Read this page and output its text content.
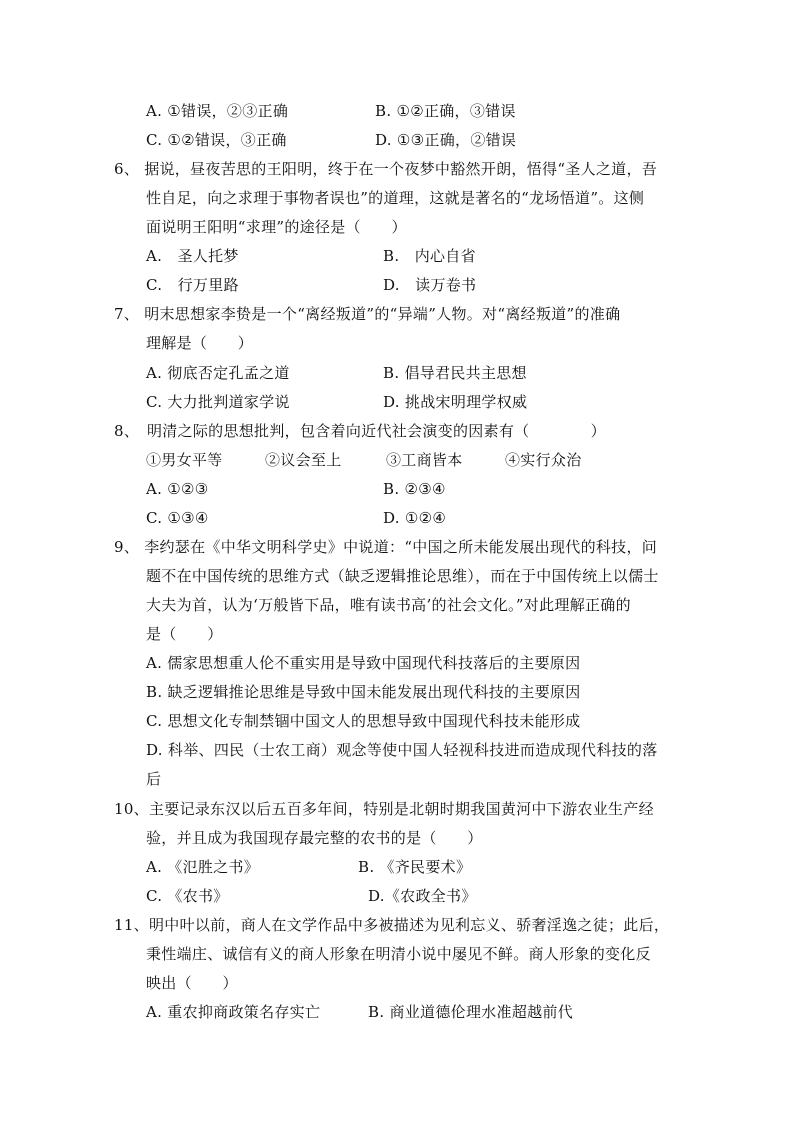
A. ①错误，②③正确	B. ①②正确，③错误
C. ①②错误，③正确	D. ①③正确，②错误
6、 据说，昼夜苦思的王阳明，终于在一个夜梦中豁然开朗，悟得“圣人之道，吾
性自足，向之求理于事物者误也”的道理，这就是著名的“龙场悟道”。这侧
面说明王阳明“求理”的途径是（　　）
A.　圣人托梦	B.　内心自省
C.　行万里路	D.　读万卷书
7、 明末思想家李贽是一个“离经叛道”的“异端”人物。对“离经叛道”的准确
理解是（　　）
A. 彻底否定孔孟之道	B. 倡导君民共主思想
C. 大力批判道家学说	D. 挑战宋明理学权威
8、　明清之际的思想批判，包含着向近代社会演变的因素有（　　　　）
①男女平等	②议会至上	③工商皆本	④实行众治
A. ①②③	B. ②③④
C. ①③④	D. ①②④
9、 李约瑟在《中华文明科学史》中说道：“中国之所未能发展出现代的科技，问
题不在中国传统的思维方式（缺乏逻辑推论思维），而在于中国传统上以儒士
大夫为首，认为‘万般皆下品，唯有读书高’的社会文化。”对此理解正确的
是（　　）
A. 儒家思想重人伦不重实用是导致中国现代科技落后的主要原因
B. 缺乏逻辑推论思维是导致中国未能发展出现代科技的主要原因
C. 思想文化专制禁锢中国文人的思想导致中国现代科技未能形成
D. 科举、四民（士农工商）观念等使中国人轻视科技进而造成现代科技的落
后
10、主要记录东汉以后五百多年间，特别是北朝时期我国黄河中下游农业生产经
验，并且成为我国现存最完整的农书的是（　　）
A. 《氾胜之书》	B. 《齐民要术》
C. 《农书》	D.《农政全书》
11、明中叶以前，商人在文学作品中多被描述为见利忘义、骄奢淫逸之徒；此后，
秉性端庄、诚信有义的商人形象在明清小说中屡见不鲜。商人形象的变化反
映出（　　）
A. 重农抑商政策名存实亡	B. 商业道德伦理水准超越前代
